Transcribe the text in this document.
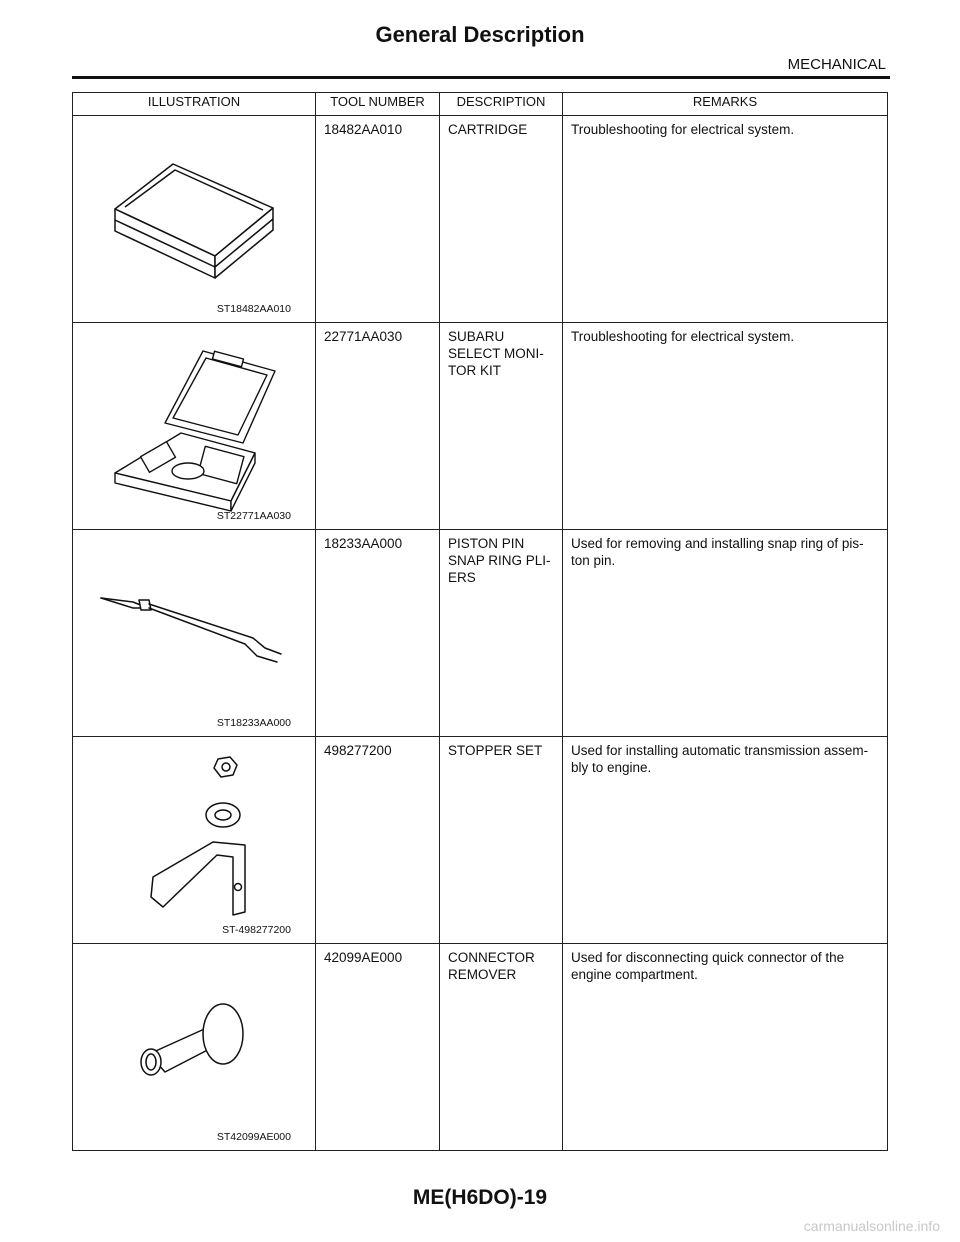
General Description
MECHANICAL
ILLUSTRATION	TOOL NUMBER	DESCRIPTION	REMARKS

ST18482AA010	18482AA010	CARTRIDGE	Troubleshooting for electrical system.

ST22771AA030	22771AA030	SUBARU SELECT MONI-TOR KIT	Troubleshooting for electrical system.

ST18233AA000	18233AA000	PISTON PIN SNAP RING PLI-ERS	Used for removing and installing snap ring of pis-ton pin.

ST-498277200	498277200	STOPPER SET	Used for installing automatic transmission assem-bly to engine.

ST42099AE000	42099AE000	CONNECTOR REMOVER	Used for disconnecting quick connector of the engine compartment.
ME(H6DO)-19
carmanualsonline.info
